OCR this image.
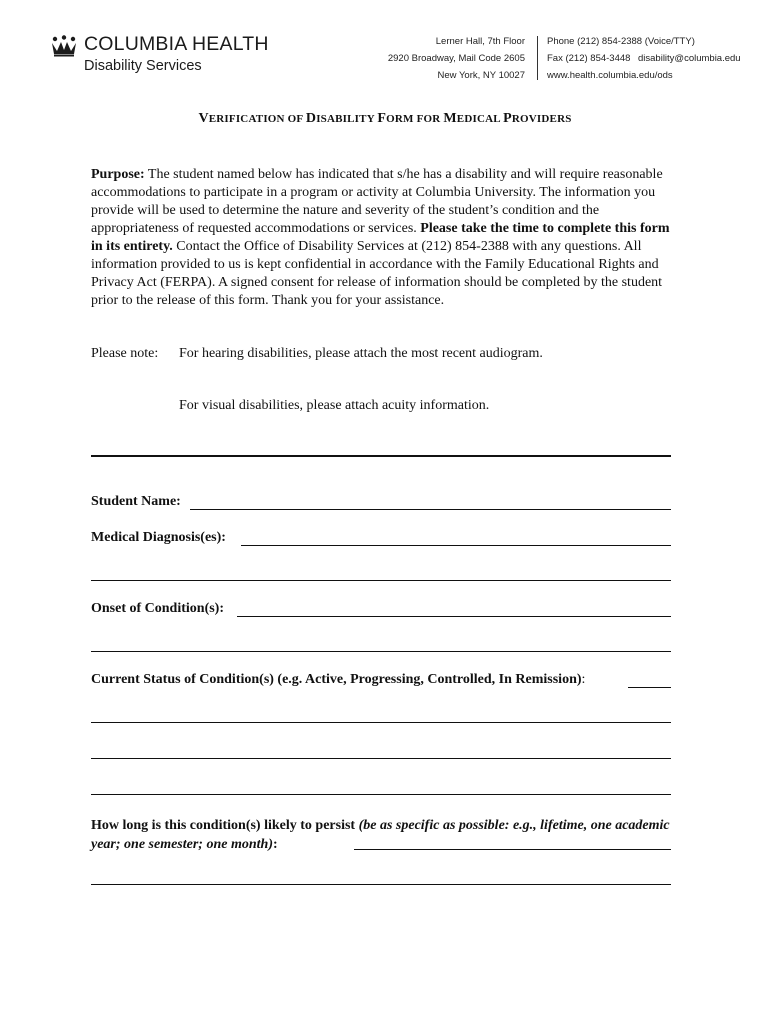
COLUMBIA HEALTH
Disability Services
Lerner Hall, 7th Floor
2920 Broadway, Mail Code 2605
New York, NY 10027
Phone (212) 854-2388 (Voice/TTY)
Fax (212) 854-3448 disability@columbia.edu
www.health.columbia.edu/ods
VERIFICATION OF DISABILITY FORM FOR MEDICAL PROVIDERS
Purpose: The student named below has indicated that s/he has a disability and will require reasonable accommodations to participate in a program or activity at Columbia University. The information you provide will be used to determine the nature and severity of the student’s condition and the appropriateness of requested accommodations or services. Please take the time to complete this form in its entirety. Contact the Office of Disability Services at (212) 854-2388 with any questions. All information provided to us is kept confidential in accordance with the Family Educational Rights and Privacy Act (FERPA). A signed consent for release of information should be completed by the student prior to the release of this form. Thank you for your assistance.
Please note: For hearing disabilities, please attach the most recent audiogram.
For visual disabilities, please attach acuity information.
Student Name:
Medical Diagnosis(es):
Onset of Condition(s):
Current Status of Condition(s) (e.g. Active, Progressing, Controlled, In Remission):
How long is this condition(s) likely to persist (be as specific as possible: e.g., lifetime, one academic year; one semester; one month):
